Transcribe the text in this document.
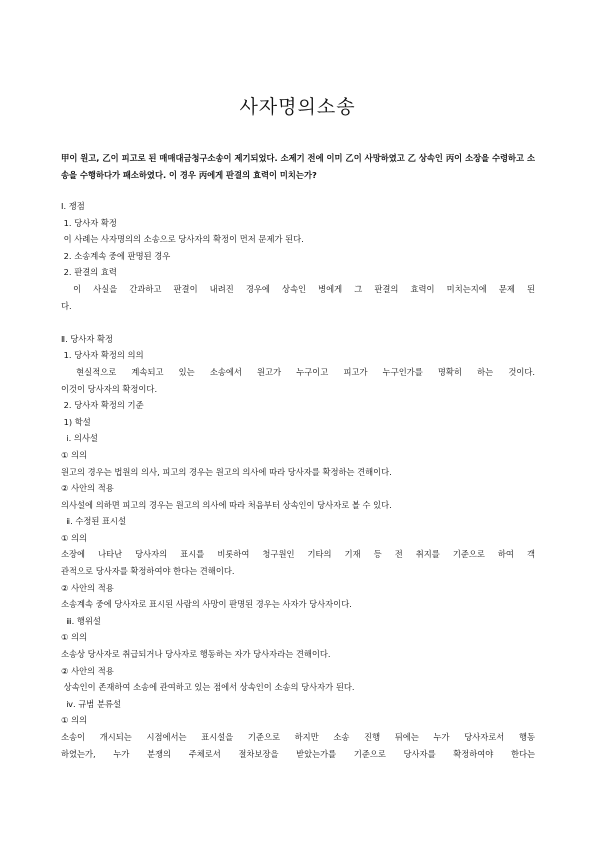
사자명의소송
甲이 원고, 乙이 피고로 된 매매대금청구소송이 제기되었다. 소제기 전에 이미 乙이 사망하였고 乙 상속인 丙이 소장을 수령하고 소송을 수행하다가 패소하였다. 이 경우 丙에게 판결의 효력이 미치는가?

Ⅰ. 쟁점

1. 당사자 확정

이 사례는 사자명의의 소송으로 당사자의 확정이 먼저 문제가 된다.

2. 소송계속 중에 판명된 경우

2. 판결의 효력

이 사실을 간과하고 판결이 내려진 경우에 상속인 병에게 그 판결의 효력이 미치는지에 문제 된

다.

Ⅱ. 당사자 확정

1. 당사자 확정의 의의

현실적으로 계속되고 있는 소송에서 원고가 누구이고 피고가 누구인가를 명확히 하는 것이다.

이것이 당사자의 확정이다.

2. 당사자 확정의 기준

1) 학설

ⅰ. 의사설

① 의의

원고의 경우는 법원의 의사, 피고의 경우는 원고의 의사에 따라 당사자를 확정하는 견해이다.

② 사안의 적용

의사설에 의하면 피고의 경우는 원고의 의사에 따라 처음부터 상속인이 당사자로 볼 수 있다.

ⅱ. 수정된 표시설

① 의의

소장에 나타난 당사자의 표시를 비롯하여 청구원인 기타의 기재 등 전 취지를 기준으로 하여 객

관적으로 당사자를 확정하여야 한다는 견해이다.

② 사안의 적용

소송계속 중에 당사자로 표시된 사람의 사망이 판명된 경우는 사자가 당사자이다.

ⅲ. 행위설

① 의의

소송상 당사자로 취급되거나 당사자로 행동하는 자가 당사자라는 견해이다.

② 사안의 적용

상속인이 존재하여 소송에 관여하고 있는 점에서 상속인이 소송의 당사자가 된다.

ⅳ. 규범 분류설

① 의의

소송이 개시되는 시점에서는 표시설을 기준으로 하지만 소송 진행 뒤에는 누가 당사자로서 행동

하였는가, 누가 분쟁의 주체로서 절차보장을 받았는가를 기준으로 당사자를 확정하여야 한다는
